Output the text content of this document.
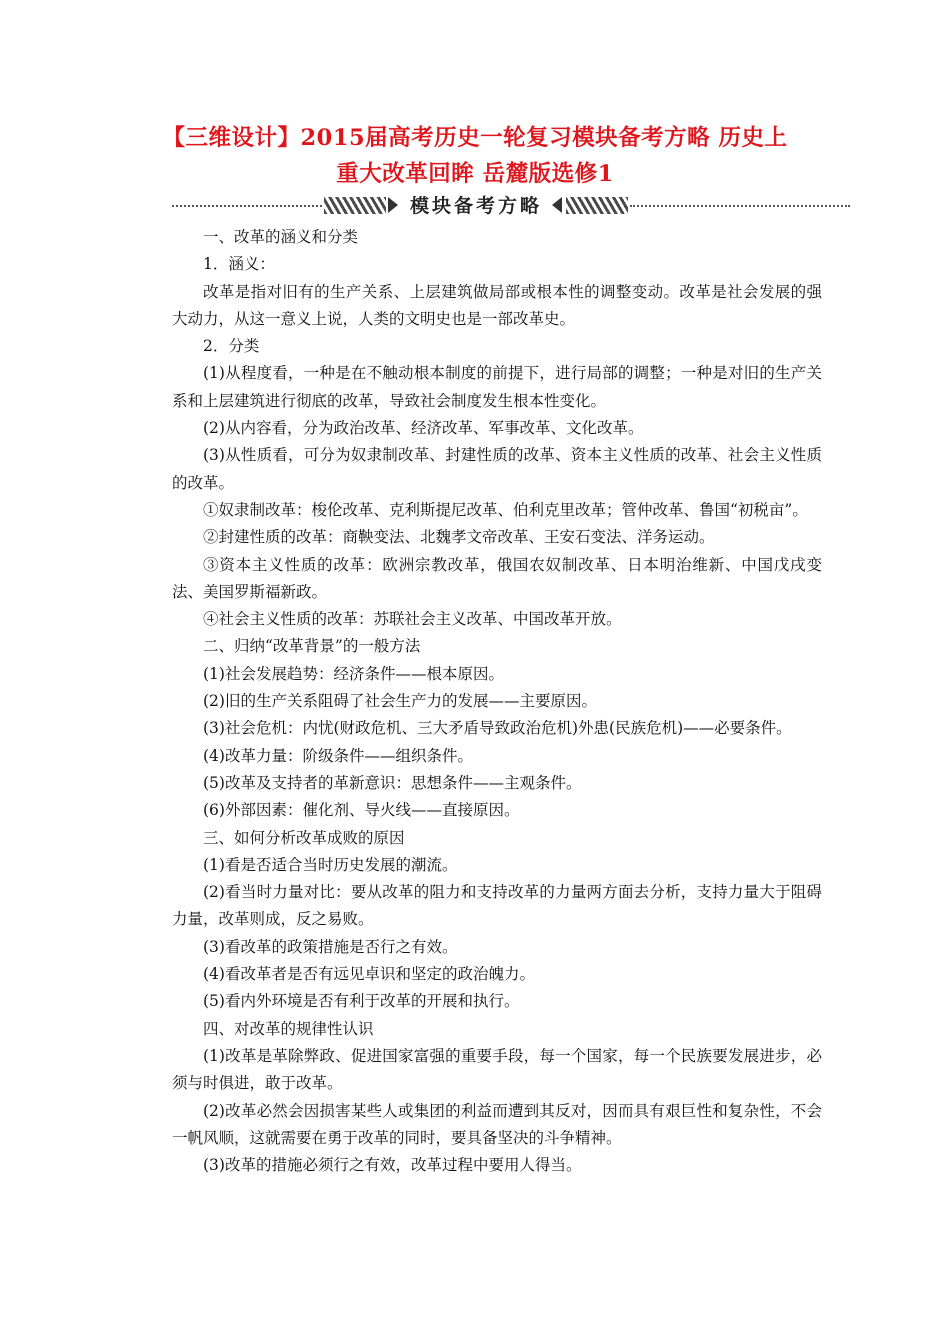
【三维设计】2015届高考历史一轮复习模块备考方略 历史上
重大改革回眸 岳麓版选修1
模块备考方略

一、改革的涵义和分类

1．涵义：

改革是指对旧有的生产关系、上层建筑做局部或根本性的调整变动。改革是社会发展的强大动力，从这一意义上说，人类的文明史也是一部改革史。

2．分类

(1)从程度看，一种是在不触动根本制度的前提下，进行局部的调整；一种是对旧的生产关系和上层建筑进行彻底的改革，导致社会制度发生根本性变化。

(2)从内容看，分为政治改革、经济改革、军事改革、文化改革。

(3)从性质看，可分为奴隶制改革、封建性质的改革、资本主义性质的改革、社会主义性质的改革。

①奴隶制改革：梭伦改革、克利斯提尼改革、伯利克里改革；管仲改革、鲁国“初税亩”。

②封建性质的改革：商鞅变法、北魏孝文帝改革、王安石变法、洋务运动。

③资本主义性质的改革：欧洲宗教改革，俄国农奴制改革、日本明治维新、中国戊戌变法、美国罗斯福新政。

④社会主义性质的改革：苏联社会主义改革、中国改革开放。

二、归纳“改革背景”的一般方法

(1)社会发展趋势：经济条件——根本原因。

(2)旧的生产关系阻碍了社会生产力的发展——主要原因。

(3)社会危机：内忧(财政危机、三大矛盾导致政治危机)外患(民族危机)——必要条件。

(4)改革力量：阶级条件——组织条件。

(5)改革及支持者的革新意识：思想条件——主观条件。

(6)外部因素：催化剂、导火线——直接原因。

三、如何分析改革成败的原因

(1)看是否适合当时历史发展的潮流。

(2)看当时力量对比：要从改革的阻力和支持改革的力量两方面去分析，支持力量大于阻碍力量，改革则成，反之易败。

(3)看改革的政策措施是否行之有效。

(4)看改革者是否有远见卓识和坚定的政治魄力。

(5)看内外环境是否有利于改革的开展和执行。

四、对改革的规律性认识

(1)改革是革除弊政、促进国家富强的重要手段，每一个国家，每一个民族要发展进步，必须与时俱进，敢于改革。

(2)改革必然会因损害某些人或集团的利益而遭到其反对，因而具有艰巨性和复杂性，不会一帆风顺，这就需要在勇于改革的同时，要具备坚决的斗争精神。

(3)改革的措施必须行之有效，改革过程中要用人得当。
